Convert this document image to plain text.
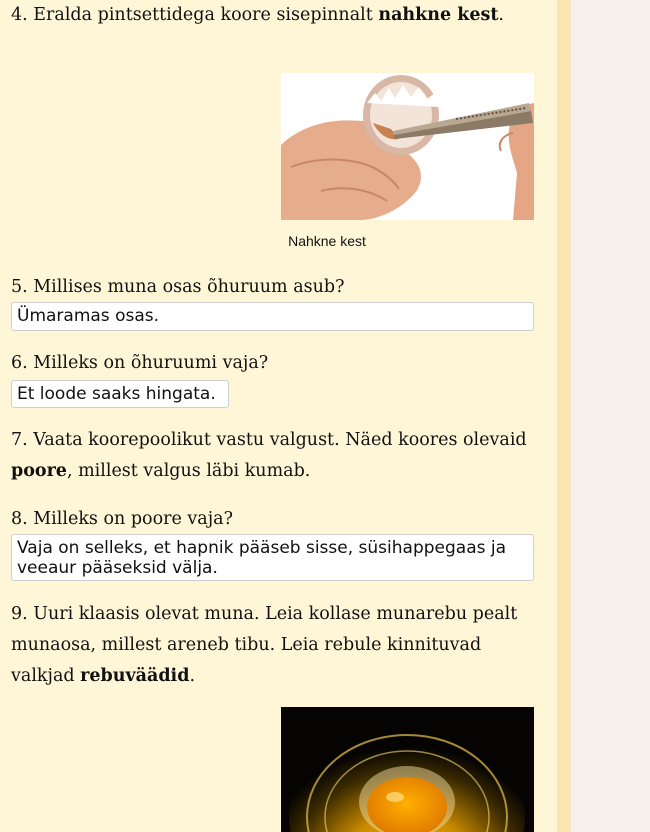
4. Eralda pintsettidega koore sisepinnalt nahkne kest.

Nahkne kest

5. Millises muna osas õhuruum asub?

Ümaramas osas.

6. Milleks on õhuruumi vaja?

Et loode saaks hingata.

7. Vaata koorepoolikut vastu valgust. Näed koores olevaid poore, millest valgus läbi kumab.

8. Milleks on poore vaja?

Vaja on selleks, et hapnik pääseb sisse, süsihappegaas ja veeaur pääseksid välja.

9. Uuri klaasis olevat muna. Leia kollase munarebu pealt munaosa, millest areneb tibu. Leia rebule kinnituvad valkjad rebuväädid.
